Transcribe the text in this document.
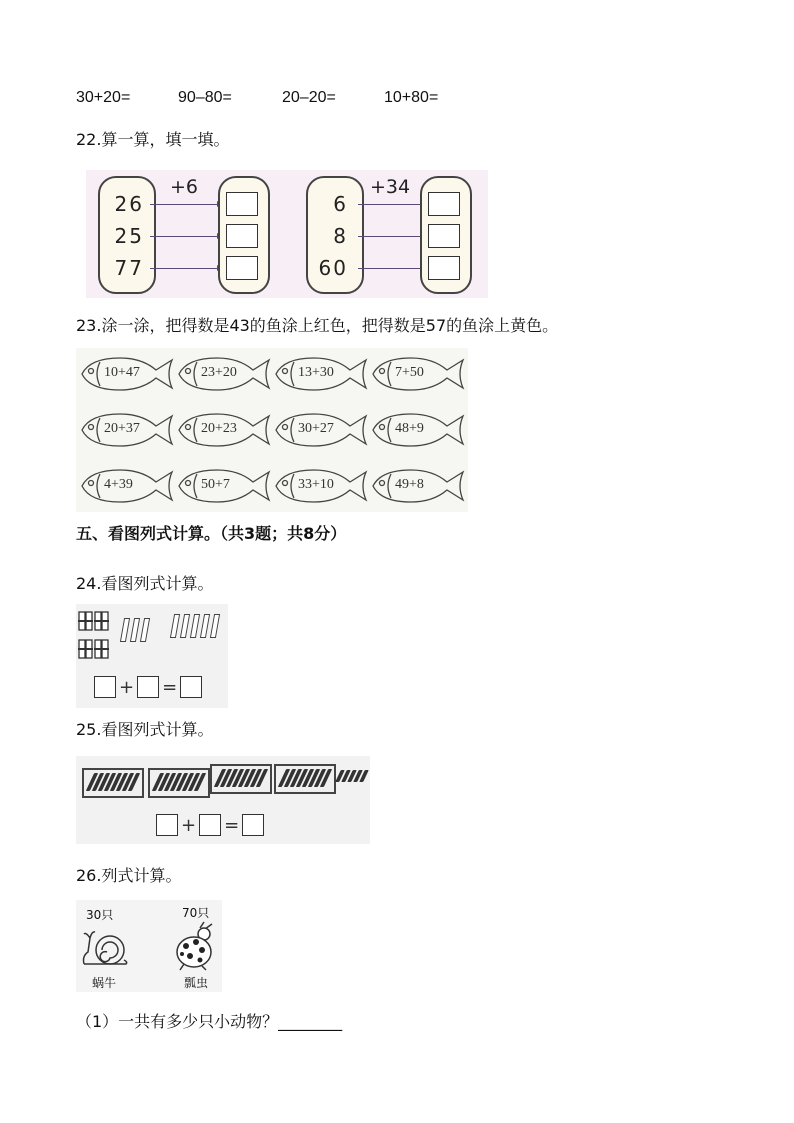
30+20=	90–80=	20–20=	10+80=
22.算一算，填一填。
+6
26
25
77
+34
6
8
60
23.涂一涂，把得数是43的鱼涂上红色，把得数是57的鱼涂上黄色。
10+47	23+20	13+30	7+50
20+37	20+23	30+27	48+9
4+39	50+7	33+10	49+8
五、看图列式计算。（共3题；共8分）
24.看图列式计算。
+ =
25.看图列式计算。
+ =
26.列式计算。
30只	70只
蜗牛	瓢虫
（1）一共有多少只小动物？________
